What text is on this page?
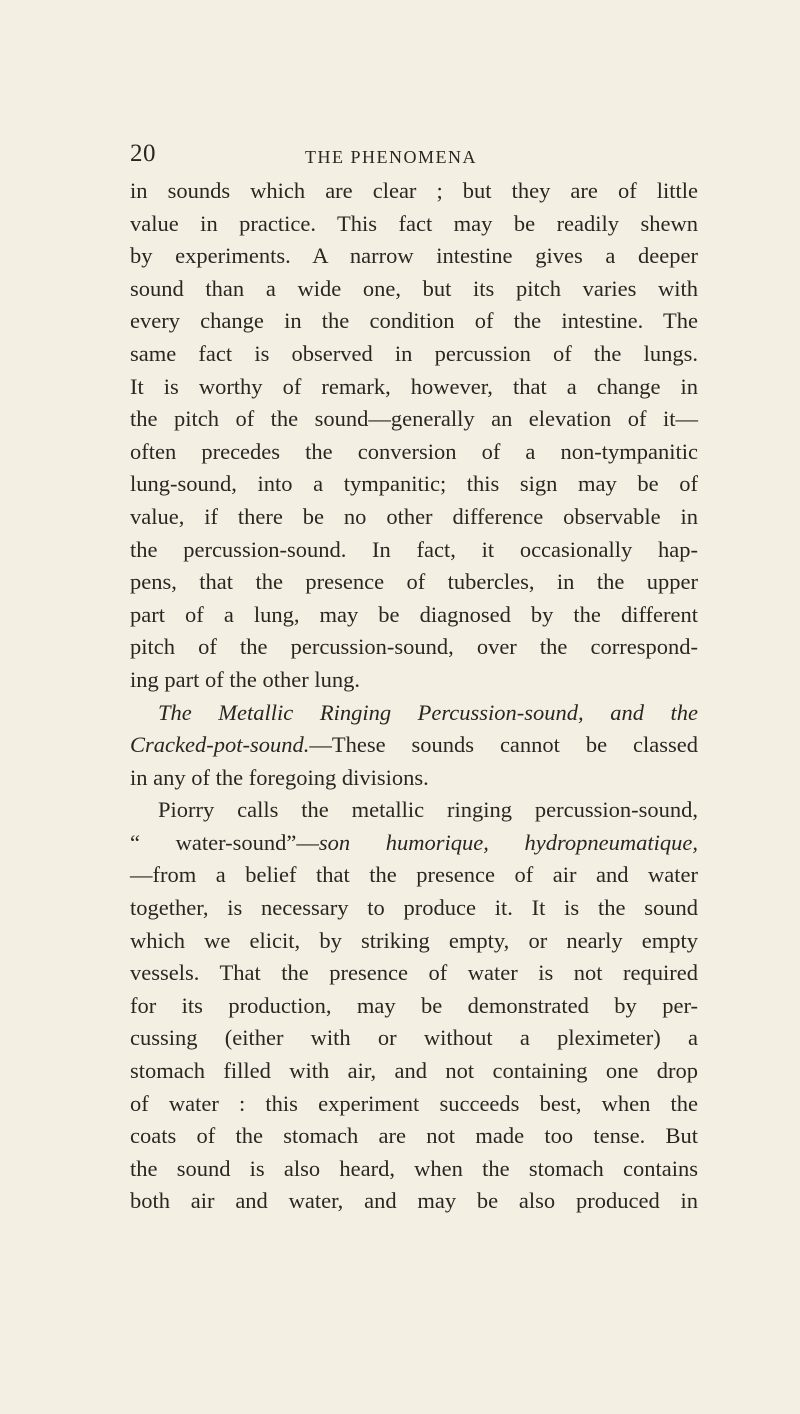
20	THE PHENOMENA
in sounds which are clear ; but they are of little
value in practice. This fact may be readily shewn
by experiments. A narrow intestine gives a deeper
sound than a wide one, but its pitch varies with
every change in the condition of the intestine. The
same fact is observed in percussion of the lungs.
It is worthy of remark, however, that a change in
the pitch of the sound—generally an elevation of it—
often precedes the conversion of a non-tympanitic
lung-sound, into a tympanitic; this sign may be of
value, if there be no other difference observable in
the percussion-sound. In fact, it occasionally hap-
pens, that the presence of tubercles, in the upper
part of a lung, may be diagnosed by the different
pitch of the percussion-sound, over the correspond-
ing part of the other lung.
The Metallic Ringing Percussion-sound, and the
Cracked-pot-sound.—These sounds cannot be classed
in any of the foregoing divisions.
Piorry calls the metallic ringing percussion-sound,
“ water-sound”—son humorique, hydropneumatique,
—from a belief that the presence of air and water
together, is necessary to produce it. It is the sound
which we elicit, by striking empty, or nearly empty
vessels. That the presence of water is not required
for its production, may be demonstrated by per-
cussing (either with or without a pleximeter) a
stomach filled with air, and not containing one drop
of water : this experiment succeeds best, when the
coats of the stomach are not made too tense. But
the sound is also heard, when the stomach contains
both air and water, and may be also produced in
